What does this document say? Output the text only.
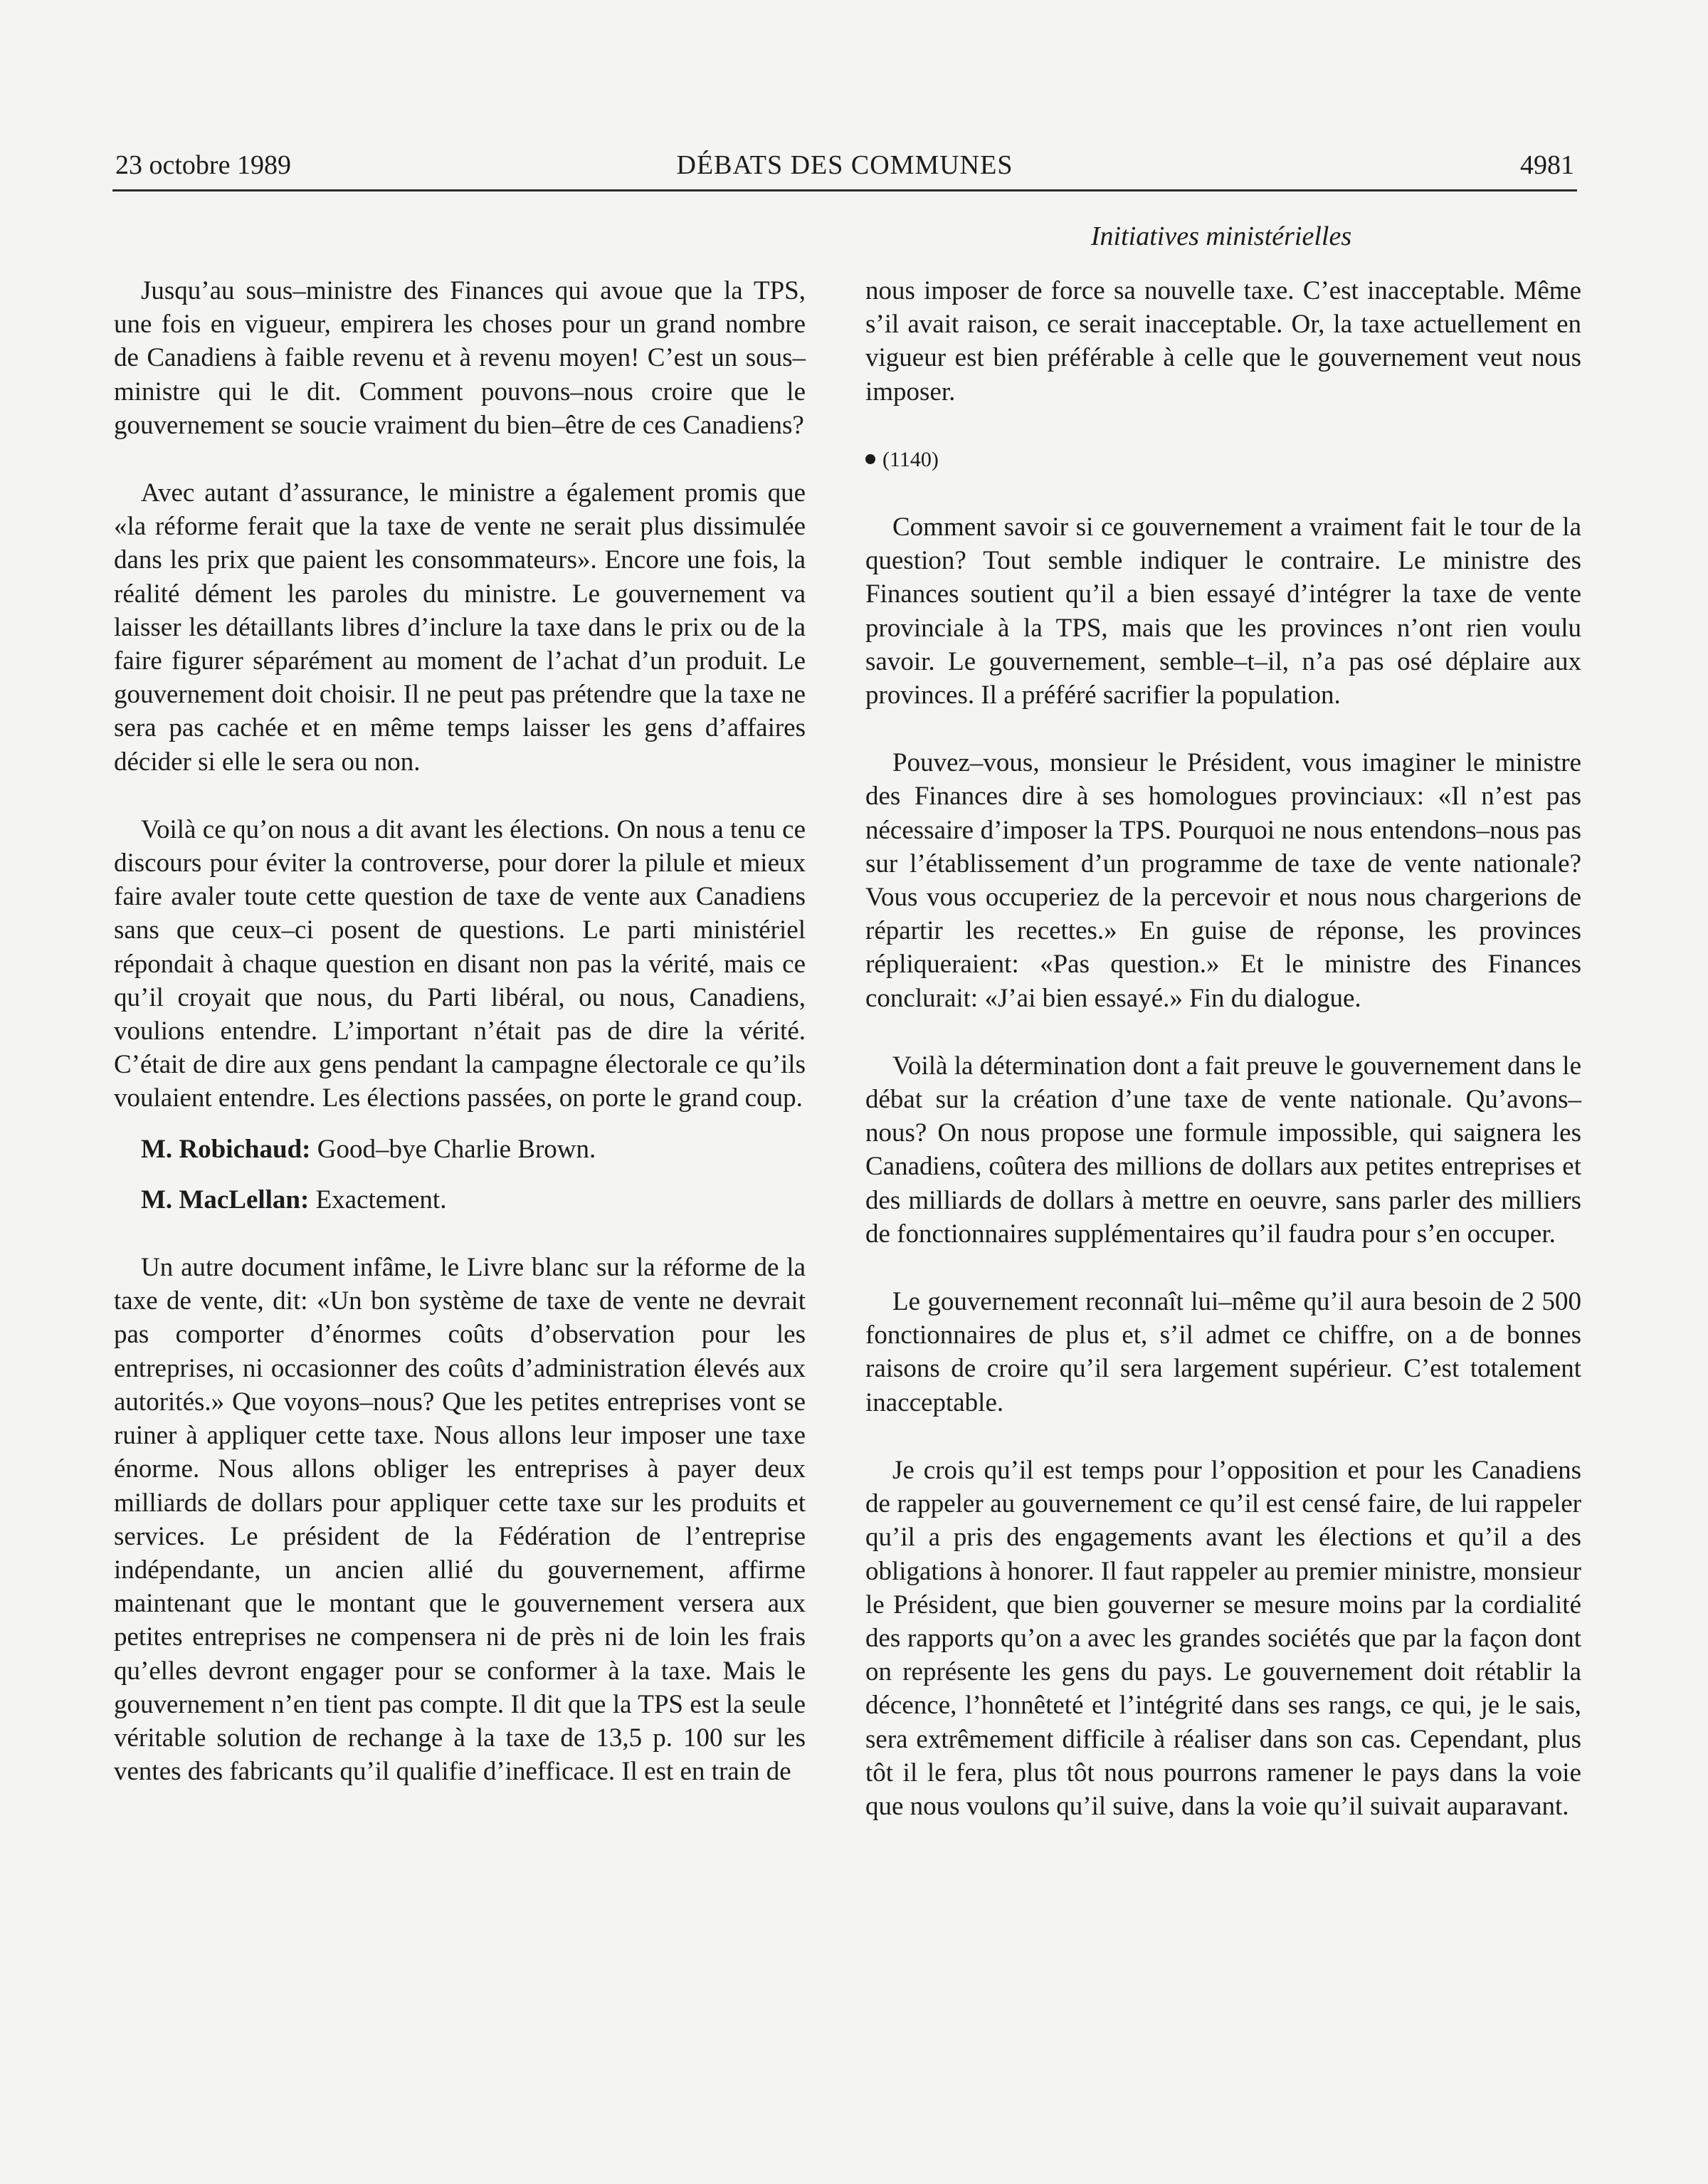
23 octobre 1989	DÉBATS DES COMMUNES	4981
Initiatives ministérielles

Jusqu’au sous–ministre des Finances qui avoue que la TPS, une fois en vigueur, empirera les choses pour un grand nombre de Canadiens à faible revenu et à revenu moyen! C’est un sous–ministre qui le dit. Comment pouvons–nous croire que le gouvernement se soucie vraiment du bien–être de ces Canadiens?

Avec autant d’assurance, le ministre a également promis que «la réforme ferait que la taxe de vente ne serait plus dissimulée dans les prix que paient les consommateurs». Encore une fois, la réalité dément les paroles du ministre. Le gouvernement va laisser les détaillants libres d’inclure la taxe dans le prix ou de la faire figurer séparément au moment de l’achat d’un produit. Le gouvernement doit choisir. Il ne peut pas prétendre que la taxe ne sera pas cachée et en même temps laisser les gens d’affaires décider si elle le sera ou non.

Voilà ce qu’on nous a dit avant les élections. On nous a tenu ce discours pour éviter la controverse, pour dorer la pilule et mieux faire avaler toute cette question de taxe de vente aux Canadiens sans que ceux–ci posent de questions. Le parti ministériel répondait à chaque question en disant non pas la vérité, mais ce qu’il croyait que nous, du Parti libéral, ou nous, Canadiens, voulions entendre. L’important n’était pas de dire la vérité. C’était de dire aux gens pendant la campagne électorale ce qu’ils voulaient entendre. Les élections passées, on porte le grand coup.

M. Robichaud: Good–bye Charlie Brown.

M. MacLellan: Exactement.

Un autre document infâme, le Livre blanc sur la réforme de la taxe de vente, dit: «Un bon système de taxe de vente ne devrait pas comporter d’énormes coûts d’observation pour les entreprises, ni occasionner des coûts d’administration élevés aux autorités.» Que voyons–nous? Que les petites entreprises vont se ruiner à appliquer cette taxe. Nous allons leur imposer une taxe énorme. Nous allons obliger les entreprises à payer deux milliards de dollars pour appliquer cette taxe sur les produits et services. Le président de la Fédération de l’entreprise indépendante, un ancien allié du gouvernement, affirme maintenant que le montant que le gouvernement versera aux petites entreprises ne compensera ni de près ni de loin les frais qu’elles devront engager pour se conformer à la taxe. Mais le gouvernement n’en tient pas compte. Il dit que la TPS est la seule véritable solution de rechange à la taxe de 13,5 p. 100 sur les ventes des fabricants qu’il qualifie d’inefficace. Il est en train de

nous imposer de force sa nouvelle taxe. C’est inacceptable. Même s’il avait raison, ce serait inacceptable. Or, la taxe actuellement en vigueur est bien préférable à celle que le gouvernement veut nous imposer.

(1140)

Comment savoir si ce gouvernement a vraiment fait le tour de la question? Tout semble indiquer le contraire. Le ministre des Finances soutient qu’il a bien essayé d’intégrer la taxe de vente provinciale à la TPS, mais que les provinces n’ont rien voulu savoir. Le gouvernement, semble–t–il, n’a pas osé déplaire aux provinces. Il a préféré sacrifier la population.

Pouvez–vous, monsieur le Président, vous imaginer le ministre des Finances dire à ses homologues provinciaux: «Il n’est pas nécessaire d’imposer la TPS. Pourquoi ne nous entendons–nous pas sur l’établissement d’un programme de taxe de vente nationale? Vous vous occuperiez de la percevoir et nous nous chargerions de répartir les recettes.» En guise de réponse, les provinces répliqueraient: «Pas question.» Et le ministre des Finances conclurait: «J’ai bien essayé.» Fin du dialogue.

Voilà la détermination dont a fait preuve le gouvernement dans le débat sur la création d’une taxe de vente nationale. Qu’avons–nous? On nous propose une formule impossible, qui saignera les Canadiens, coûtera des millions de dollars aux petites entreprises et des milliards de dollars à mettre en oeuvre, sans parler des milliers de fonctionnaires supplémentaires qu’il faudra pour s’en occuper.

Le gouvernement reconnaît lui–même qu’il aura besoin de 2 500 fonctionnaires de plus et, s’il admet ce chiffre, on a de bonnes raisons de croire qu’il sera largement supérieur. C’est totalement inacceptable.

Je crois qu’il est temps pour l’opposition et pour les Canadiens de rappeler au gouvernement ce qu’il est censé faire, de lui rappeler qu’il a pris des engagements avant les élections et qu’il a des obligations à honorer. Il faut rappeler au premier ministre, monsieur le Président, que bien gouverner se mesure moins par la cordialité des rapports qu’on a avec les grandes sociétés que par la façon dont on représente les gens du pays. Le gouvernement doit rétablir la décence, l’honnêteté et l’intégrité dans ses rangs, ce qui, je le sais, sera extrêmement difficile à réaliser dans son cas. Cependant, plus tôt il le fera, plus tôt nous pourrons ramener le pays dans la voie que nous voulons qu’il suive, dans la voie qu’il suivait auparavant.
